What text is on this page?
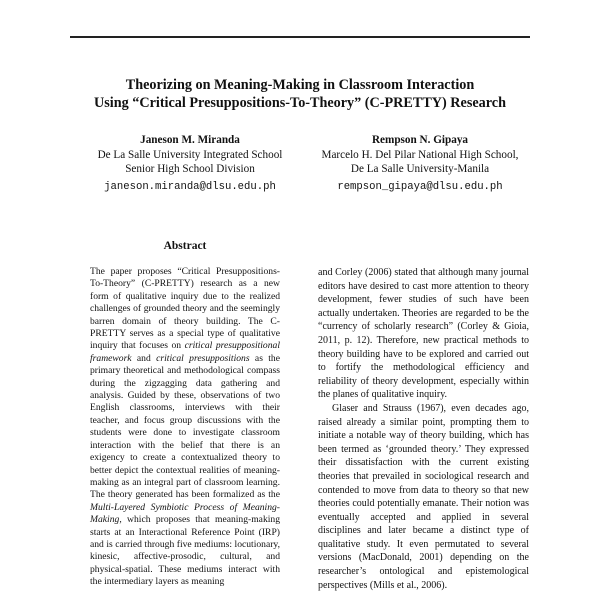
Theorizing on Meaning-Making in Classroom Interaction
Using “Critical Presuppositions-To-Theory” (C-PRETTY) Research
Janeson M. Miranda
De La Salle University Integrated School
Senior High School Division
janeson.miranda@dlsu.edu.ph
Rempson N. Gipaya
Marcelo H. Del Pilar National High School,
De La Salle University-Manila
rempson_gipaya@dlsu.edu.ph
Abstract

The paper proposes “Critical Presuppositions-To-Theory” (C-PRETTY) research as a new form of qualitative inquiry due to the realized challenges of grounded theory and the seemingly barren domain of theory building. The C-PRETTY serves as a special type of qualitative inquiry that focuses on critical presuppositional framework and critical presuppositions as the primary theoretical and methodological compass during the zigzagging data gathering and analysis. Guided by these, observations of two English classrooms, interviews with their teacher, and focus group discussions with the students were done to investigate classroom interaction with the belief that there is an exigency to create a contextualized theory to better depict the contextual realities of meaning-making as an integral part of classroom learning. The theory generated has been formalized as the Multi-Layered Symbiotic Process of Meaning-Making, which proposes that meaning-making starts at an Interactional Reference Point (IRP) and is carried through five mediums: locutionary, kinesic, affective-prosodic, cultural, and physical-spatial. These mediums interact with the intermediary layers as meaning

and Corley (2006) stated that although many journal editors have desired to cast more attention to theory development, fewer studies of such have been actually undertaken. Theories are regarded to be the “currency of scholarly research” (Corley & Gioia, 2011, p. 12). Therefore, new practical methods to theory building have to be explored and carried out to fortify the methodological efficiency and reliability of theory development, especially within the planes of qualitative inquiry.

Glaser and Strauss (1967), even decades ago, raised already a similar point, prompting them to initiate a notable way of theory building, which has been termed as ‘grounded theory.’ They expressed their dissatisfaction with the current existing theories that prevailed in sociological research and contended to move from data to theory so that new theories could potentially emanate. Their notion was eventually accepted and applied in several disciplines and later became a distinct type of qualitative study. It even permutated to several versions (MacDonald, 2001) depending on the researcher’s ontological and epistemological perspectives (Mills et al., 2006).
